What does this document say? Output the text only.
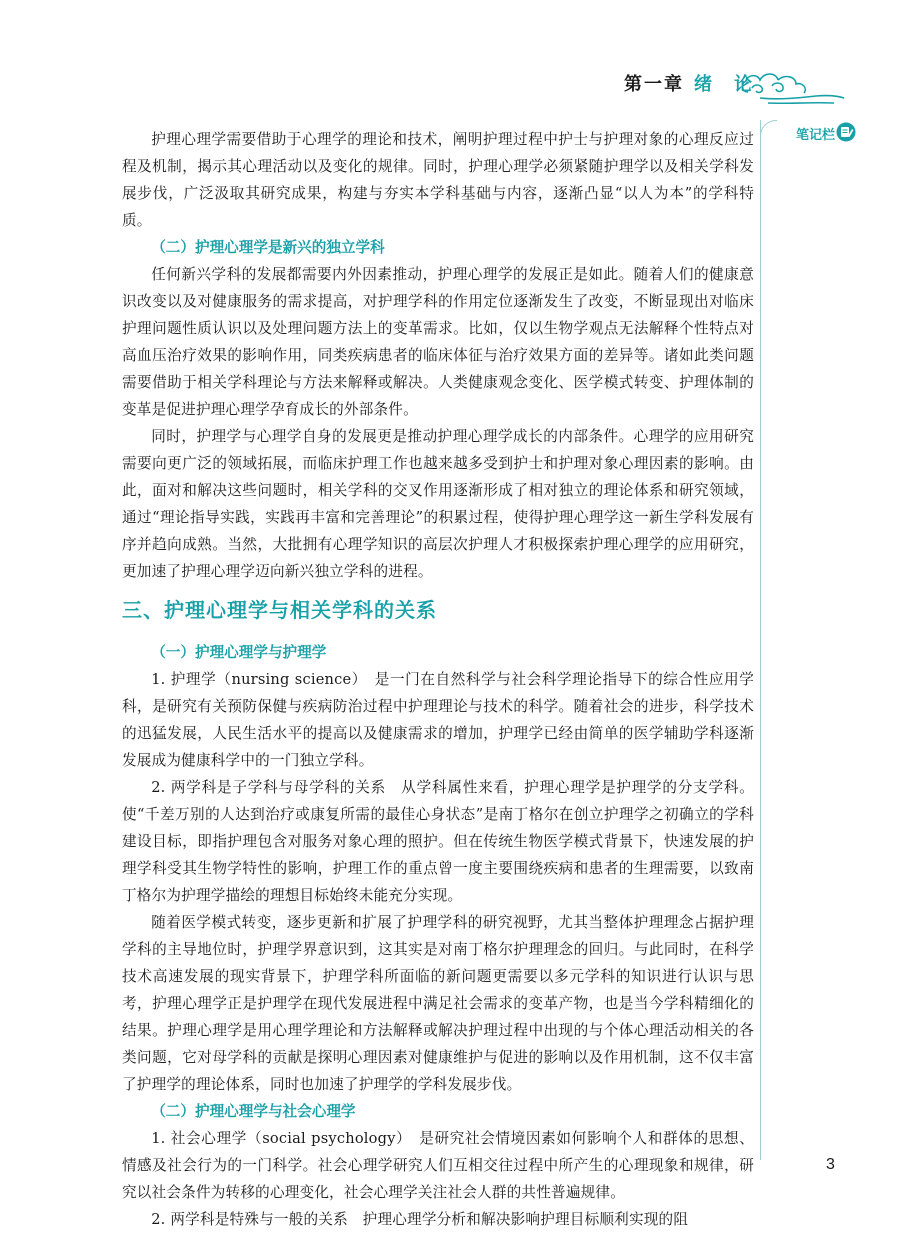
第一章 绪　论
笔记栏

护理心理学需要借助于心理学的理论和技术，阐明护理过程中护士与护理对象的心理反应过程及机制，揭示其心理活动以及变化的规律。同时，护理心理学必须紧随护理学以及相关学科发展步伐，广泛汲取其研究成果，构建与夯实本学科基础与内容，逐渐凸显“以人为本”的学科特质。

（二）护理心理学是新兴的独立学科

任何新兴学科的发展都需要内外因素推动，护理心理学的发展正是如此。随着人们的健康意识改变以及对健康服务的需求提高，对护理学科的作用定位逐渐发生了改变，不断显现出对临床护理问题性质认识以及处理问题方法上的变革需求。比如，仅以生物学观点无法解释个性特点对高血压治疗效果的影响作用，同类疾病患者的临床体征与治疗效果方面的差异等。诸如此类问题需要借助于相关学科理论与方法来解释或解决。人类健康观念变化、医学模式转变、护理体制的变革是促进护理心理学孕育成长的外部条件。

同时，护理学与心理学自身的发展更是推动护理心理学成长的内部条件。心理学的应用研究需要向更广泛的领域拓展，而临床护理工作也越来越多受到护士和护理对象心理因素的影响。由此，面对和解决这些问题时，相关学科的交叉作用逐渐形成了相对独立的理论体系和研究领域，通过“理论指导实践，实践再丰富和完善理论”的积累过程，使得护理心理学这一新生学科发展有序并趋向成熟。当然，大批拥有心理学知识的高层次护理人才积极探索护理心理学的应用研究，更加速了护理心理学迈向新兴独立学科的进程。

三、护理心理学与相关学科的关系

（一）护理心理学与护理学

1. 护理学（nursing science）　是一门在自然科学与社会科学理论指导下的综合性应用学科，是研究有关预防保健与疾病防治过程中护理理论与技术的科学。随着社会的进步，科学技术的迅猛发展，人民生活水平的提高以及健康需求的增加，护理学已经由简单的医学辅助学科逐渐发展成为健康科学中的一门独立学科。

2. 两学科是子学科与母学科的关系　从学科属性来看，护理心理学是护理学的分支学科。使“千差万别的人达到治疗或康复所需的最佳心身状态”是南丁格尔在创立护理学之初确立的学科建设目标，即指护理包含对服务对象心理的照护。但在传统生物医学模式背景下，快速发展的护理学科受其生物学特性的影响，护理工作的重点曾一度主要围绕疾病和患者的生理需要，以致南丁格尔为护理学描绘的理想目标始终未能充分实现。

随着医学模式转变，逐步更新和扩展了护理学科的研究视野，尤其当整体护理理念占据护理学科的主导地位时，护理学界意识到，这其实是对南丁格尔护理理念的回归。与此同时，在科学技术高速发展的现实背景下，护理学科所面临的新问题更需要以多元学科的知识进行认识与思考，护理心理学正是护理学在现代发展进程中满足社会需求的变革产物，也是当今学科精细化的结果。护理心理学是用心理学理论和方法解释或解决护理过程中出现的与个体心理活动相关的各类问题，它对母学科的贡献是探明心理因素对健康维护与促进的影响以及作用机制，这不仅丰富了护理学的理论体系，同时也加速了护理学的学科发展步伐。

（二）护理心理学与社会心理学

1. 社会心理学（social psychology）　是研究社会情境因素如何影响个人和群体的思想、情感及社会行为的一门科学。社会心理学研究人们互相交往过程中所产生的心理现象和规律，研究以社会条件为转移的心理变化，社会心理学关注社会人群的共性普遍规律。

2. 两学科是特殊与一般的关系　护理心理学分析和解决影响护理目标顺利实现的阻

3
